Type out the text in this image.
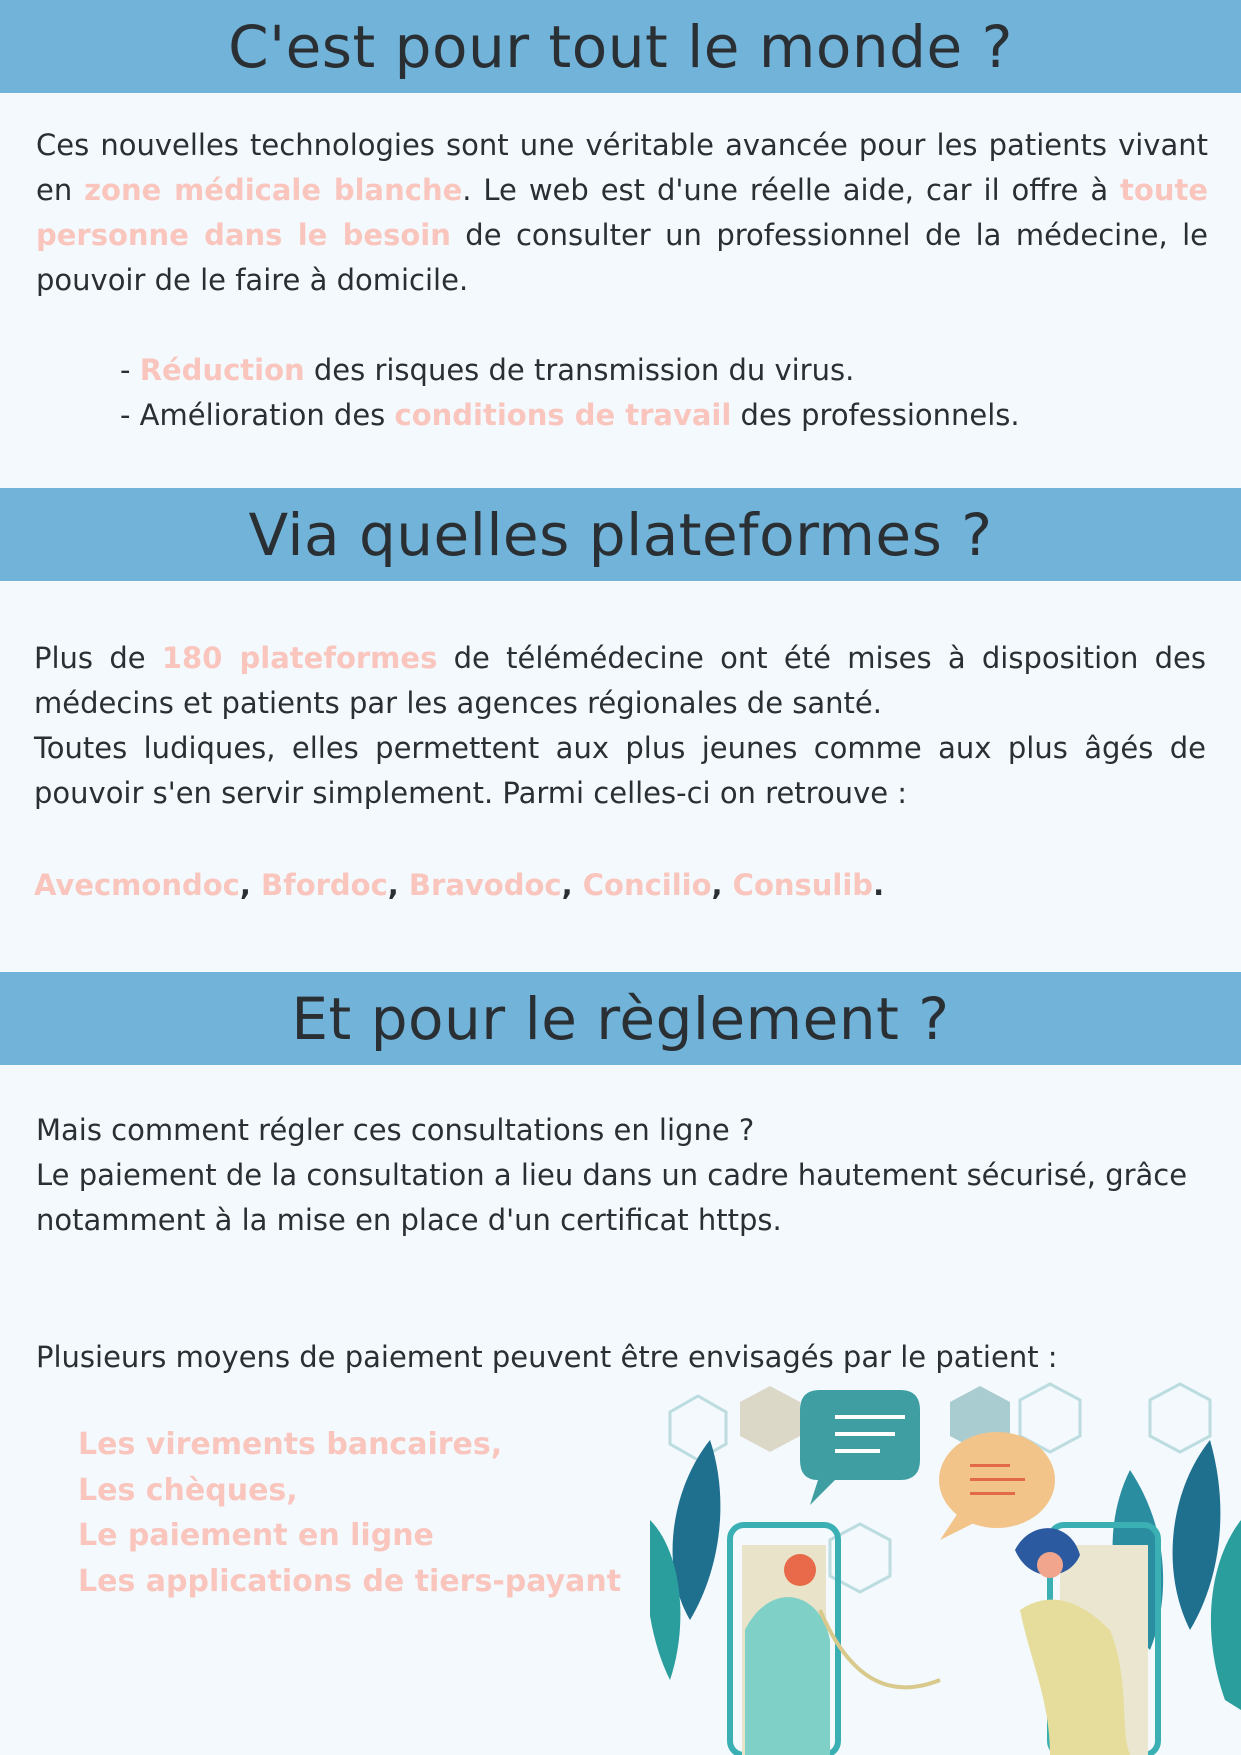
C'est pour tout le monde ?

Ces nouvelles technologies sont une véritable avancée pour les patients vivant en zone médicale blanche. Le web est d'une réelle aide, car il offre à toute personne dans le besoin de consulter un professionnel de la médecine, le pouvoir de le faire à domicile.

- Réduction des risques de transmission du virus.
- Amélioration des conditions de travail des professionnels.
Via quelles plateformes ?
Plus de 180 plateformes de télémédecine ont été mises à disposition des médecins et patients par les agences régionales de santé.
Toutes ludiques, elles permettent aux plus jeunes comme aux plus âgés de pouvoir s'en servir simplement. Parmi celles-ci on retrouve :
Avecmondoc, Bfordoc, Bravodoc, Concilio, Consulib.
Et pour le règlement ?
Mais comment régler ces consultations en ligne ?
Le paiement de la consultation a lieu dans un cadre hautement sécurisé, grâce notamment à la mise en place d'un certificat https.

Plusieurs moyens de paiement peuvent être envisagés par le patient :

Les virements bancaires,
Les chèques,
Le paiement en ligne
Les applications de tiers-payant
